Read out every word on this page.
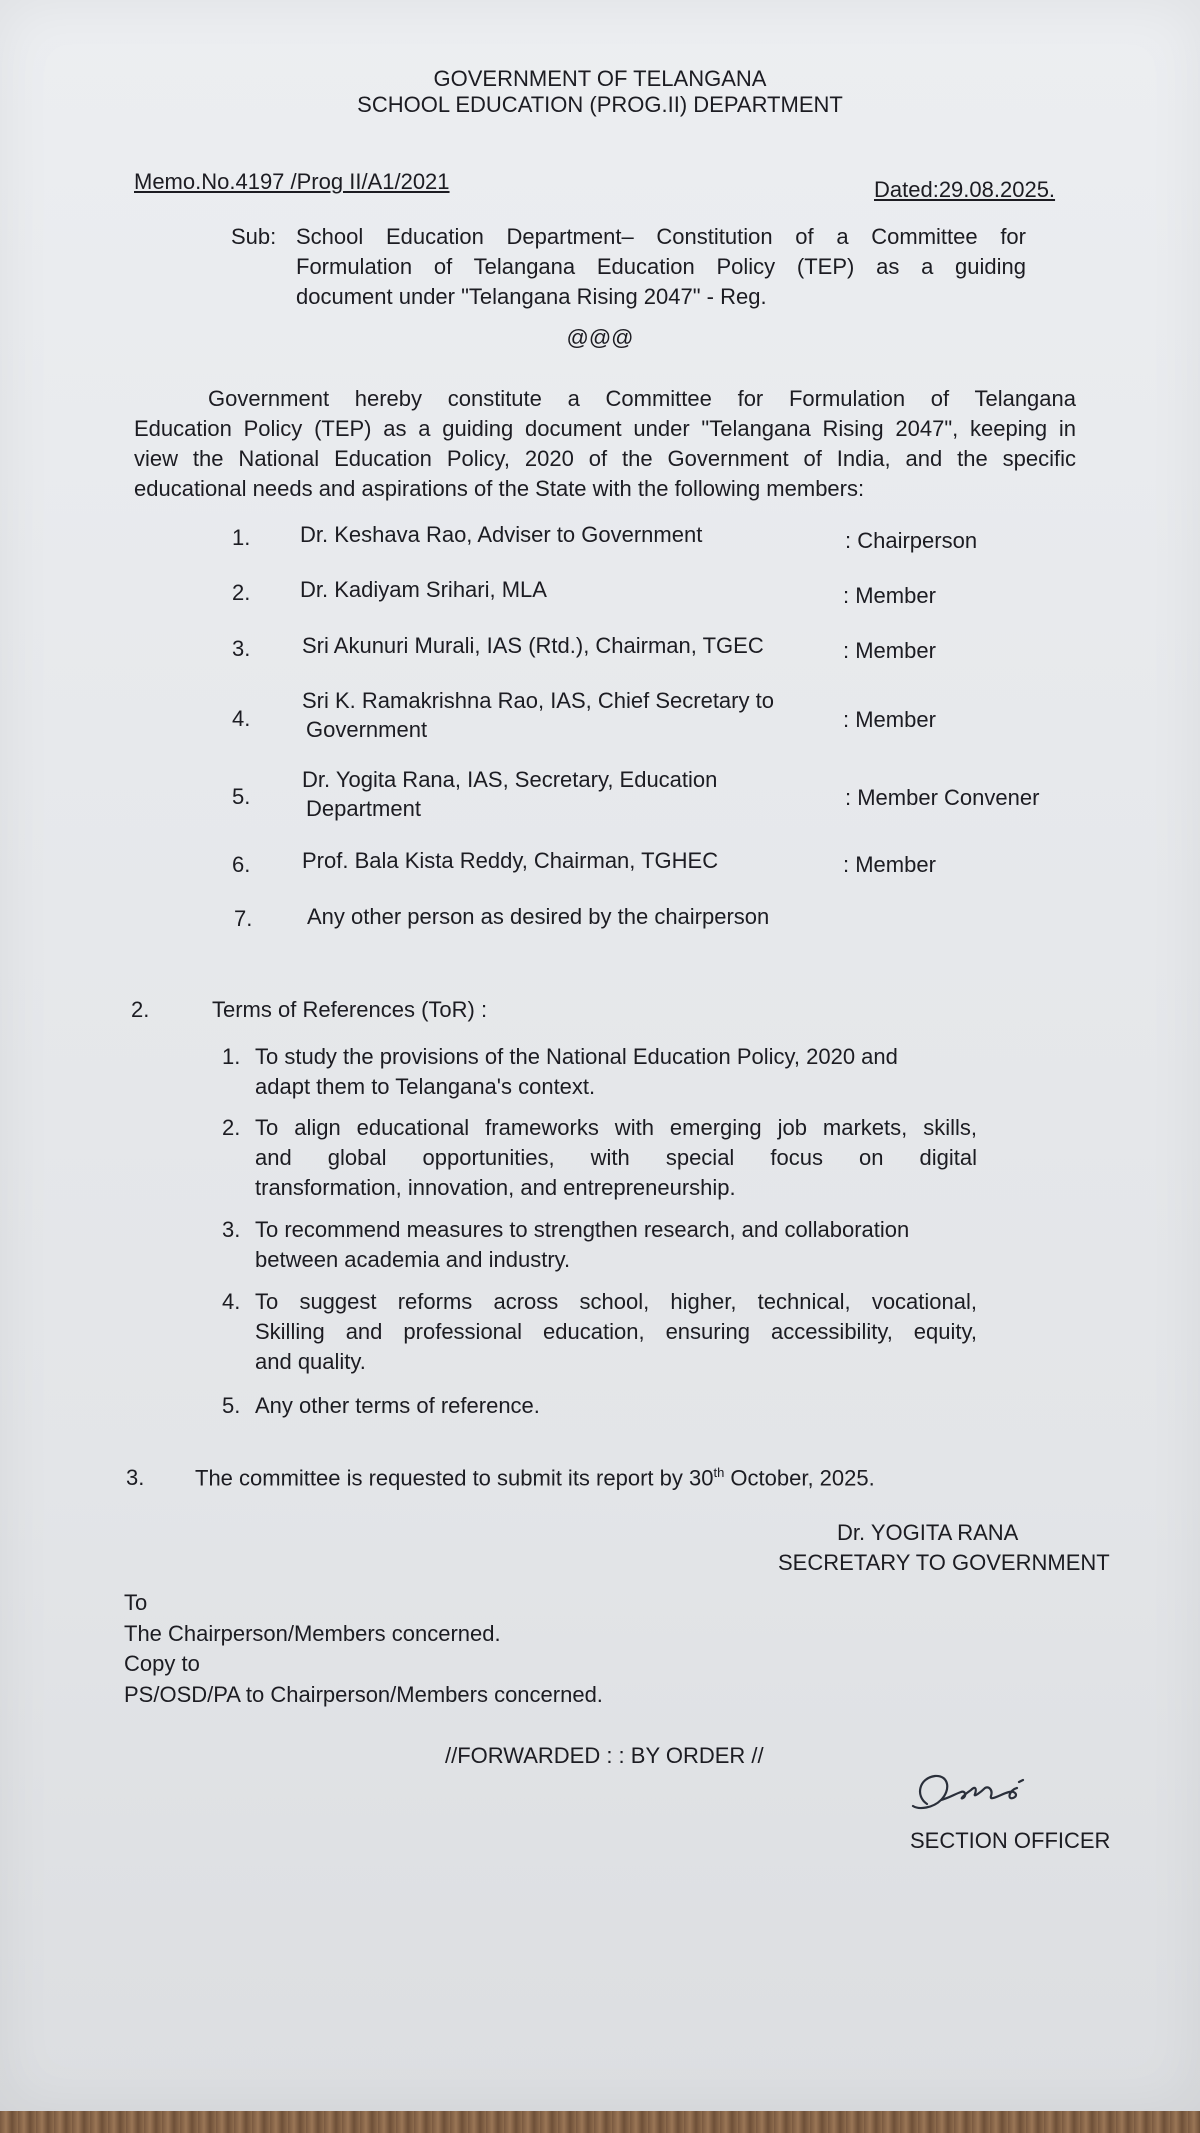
GOVERNMENT OF TELANGANA
SCHOOL EDUCATION (PROG.II) DEPARTMENT
Memo.No.4197 /Prog II/A1/2021	Dated:29.08.2025.
Sub: School Education Department– Constitution of a Committee for
Formulation of Telangana Education Policy (TEP) as a guiding
document under "Telangana Rising 2047" - Reg.
@@@
Government hereby constitute a Committee for Formulation of Telangana
Education Policy (TEP) as a guiding document under "Telangana Rising 2047", keeping in
view the National Education Policy, 2020 of the Government of India, and the specific
educational needs and aspirations of the State with the following members:
1. Dr. Keshava Rao, Adviser to Government	: Chairperson
2. Dr. Kadiyam Srihari, MLA	: Member
3. Sri Akunuri Murali, IAS (Rtd.), Chairman, TGEC	: Member
4.
Sri K. Ramakrishna Rao, IAS, Chief Secretary to
Government	: Member
5.
Dr. Yogita Rana, IAS, Secretary, Education
Department	: Member Convener
6. Prof. Bala Kista Reddy, Chairman, TGHEC	: Member
7. Any other person as desired by the chairperson
2.	Terms of References (ToR) :
1. To study the provisions of the National Education Policy, 2020 and
adapt them to Telangana's context.
2. To align educational frameworks with emerging job markets, skills,
and global opportunities, with special focus on digital
transformation, innovation, and entrepreneurship.
3. To recommend measures to strengthen research, and collaboration
between academia and industry.
4. To suggest reforms across school, higher, technical, vocational,
Skilling and professional education, ensuring accessibility, equity,
and quality.
5. Any other terms of reference.
3. The committee is requested to submit its report by 30th October, 2025.
Dr. YOGITA RANA
SECRETARY TO GOVERNMENT
To
The Chairperson/Members concerned.
Copy to
PS/OSD/PA to Chairperson/Members concerned.
//FORWARDED : : BY ORDER //
SECTION OFFICER
